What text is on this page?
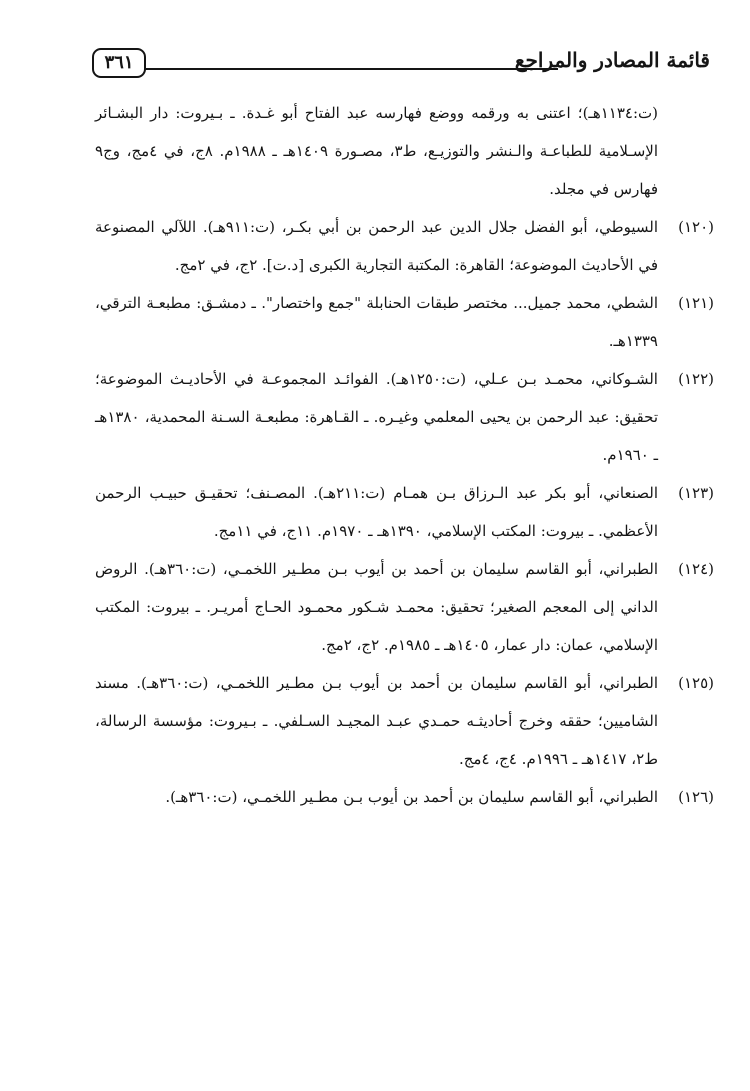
قائمة المصادر والمراجع
٣٦١

(ت:١١٣٤هـ)؛ اعتنى به ورقمه ووضع فهارسه عبد الفتاح أبو غـدة. ـ بـيروت: دار البشـائر الإسـلامية للطباعـة والـنشر والتوزيـع، ط٣، مصـورة ١٤٠٩هـ ـ ١٩٨٨م. ٨ج، في ٤مج، وج٩ فهارس في مجلد.

(١٢٠)

السيوطي، أبو الفضل جلال الدين عبد الرحمن بن أبي بكـر، (ت:٩١١هـ). اللآلي المصنوعة في الأحاديث الموضوعة؛ القاهرة: المكتبة التجارية الكبرى [د.ت]. ٢ج، في ٢مج.

(١٢١)

الشطي، محمد جميل... مختصر طبقات الحنابلة "جمع واختصار". ـ دمشـق: مطبعـة الترقي، ١٣٣٩هـ.

(١٢٢)

الشـوكاني، محمـد بـن عـلي، (ت:١٢٥٠هـ). الفوائـد المجموعـة في الأحاديـث الموضوعة؛ تحقيق: عبد الرحمن بن يحيى المعلمي وغيـره. ـ القـاهرة: مطبعـة السـنة المحمدية، ١٣٨٠هـ ـ ١٩٦٠م.

(١٢٣)

الصنعاني، أبو بكر عبد الـرزاق بـن همـام (ت:٢١١هـ). المصـنف؛ تحقيـق حبيـب الرحمن الأعظمي. ـ بيروت: المكتب الإسلامي، ١٣٩٠هـ ـ ١٩٧٠م. ١١ج، في ١١مج.

(١٢٤)

الطبراني، أبو القاسم سليمان بن أحمد بن أيوب بـن مطـير اللخمـي، (ت:٣٦٠هـ). الروض الداني إلى المعجم الصغير؛ تحقيق: محمـد شـكور محمـود الحـاج أمريـر. ـ بيروت: المكتب الإسلامي، عمان: دار عمار، ١٤٠٥هـ ـ ١٩٨٥م. ٢ج، ٢مج.

(١٢٥)

الطبراني، أبو القاسم سليمان بن أحمد بن أيوب بـن مطـير اللخمـي، (ت:٣٦٠هـ). مسند الشاميين؛ حققه وخرج أحاديثـه حمـدي عبـد المجيـد السـلفي. ـ بـيروت: مؤسسة الرسالة، ط٢، ١٤١٧هـ ـ ١٩٩٦م. ٤ج، ٤مج.

(١٢٦)

الطبراني، أبو القاسم سليمان بن أحمد بن أيوب بـن مطـير اللخمـي، (ت:٣٦٠هـ).
